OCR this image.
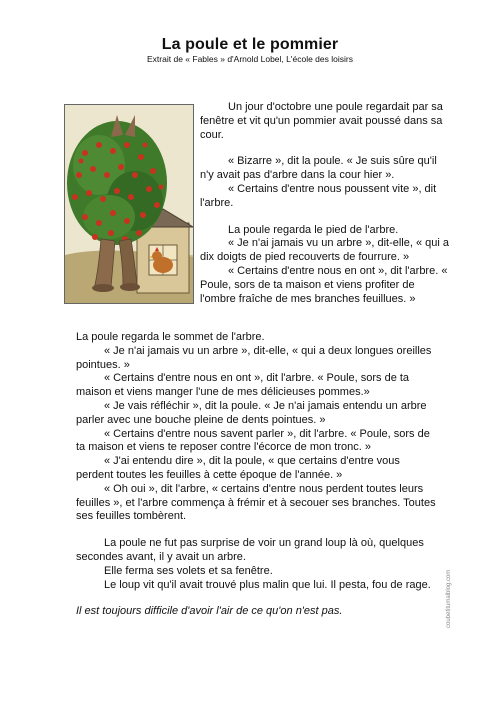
La poule et le pommier
Extrait de « Fables » d'Arnold Lobel, L'école des loisirs

Un jour d'octobre une poule regardait par sa fenêtre et vit qu'un pommier avait poussé dans sa cour.

« Bizarre », dit la poule. « Je suis sûre qu'il n'y avait pas d'arbre dans la cour hier ».

« Certains d'entre nous poussent vite », dit l'arbre.

La poule regarda le pied de l'arbre.

« Je n'ai jamais vu un arbre », dit-elle, « qui a dix doigts de pied recouverts de fourrure. »

« Certains d'entre nous en ont », dit l'arbre. « Poule, sors de ta maison et viens profiter de l'ombre fraîche de mes branches feuillues. »

La poule regarda le sommet de l'arbre.

« Je n'ai jamais vu un arbre », dit-elle, « qui a deux longues oreilles pointues. »

« Certains d'entre nous en ont », dit l'arbre. « Poule, sors de ta maison et viens manger l'une de mes délicieuses pommes.»

« Je vais réfléchir », dit la poule. « Je n'ai jamais entendu un arbre parler avec une bouche pleine de dents pointues. »

« Certains d'entre nous savent parler », dit l'arbre. « Poule, sors de ta maison et viens te reposer contre l'écorce de mon tronc. »

« J'ai entendu dire », dit la poule, « que certains d'entre vous perdent toutes les feuilles à cette époque de l'année. »

« Oh oui », dit l'arbre, « certains d'entre nous perdent toutes leurs feuilles », et l'arbre commença à frémir et à secouer ses branches. Toutes ses feuilles tombèrent.

La poule ne fut pas surprise de voir un grand loup là où, quelques secondes avant, il y avait un arbre.

Elle ferma ses volets et sa fenêtre.

Le loup vit qu'il avait trouvé plus malin que lui. Il pesta, fou de rage.

Il est toujours difficile d'avoir l'air de ce qu'on n'est pas.	coubetitumalblog.com
